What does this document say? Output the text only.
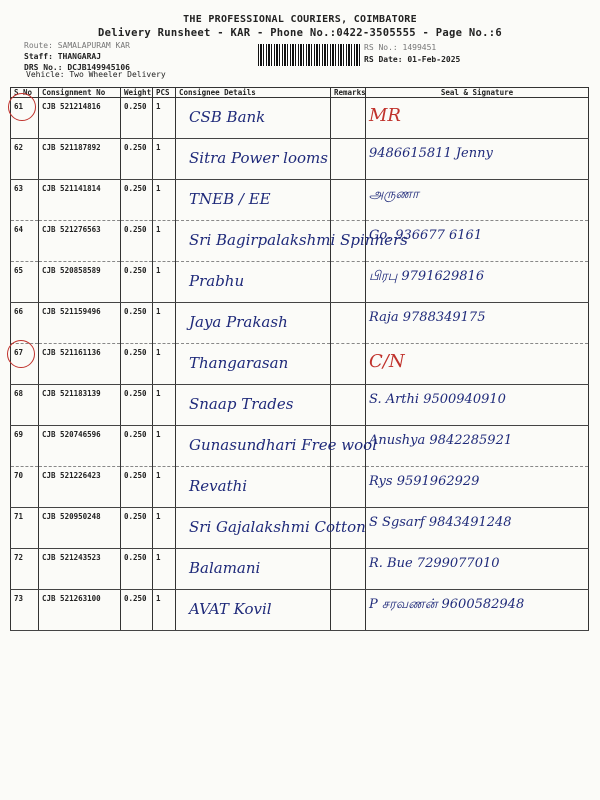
THE PROFESSIONAL COURIERS, COIMBATORE
Delivery Runsheet - KAR - Phone No.:0422-3505555 - Page No.:6
Route: SAMALAPURAM KAR
Staff: THANGARAJ
DRS No.: DCJB149945106
RS No.: 1499451
RS Date: 01-Feb-2025
Vehicle: Two Wheeler Delivery
S No	Consignment No	Weight	PCS	Consignee Details	Remarks	Seal & Signature
61	CJB 521214816	0.250	1	CSB Bank		MR

62	CJB 521187892	0.250	1	Sitra Power looms		9486615811 Jenny

63	CJB 521141814	0.250	1	TNEB / EE		அருணா

64	CJB 521276563	0.250	1	Sri Bagirpalakshmi Spinners		Go. 936677 6161

65	CJB 520858589	0.250	1	Prabhu		பிரபு 9791629816

66	CJB 521159496	0.250	1	Jaya Prakash		Raja 9788349175

67	CJB 521161136	0.250	1	Thangarasan		C/N

68	CJB 521183139	0.250	1	Snaap Trades		S. Arthi 9500940910

69	CJB 520746596	0.250	1	Gunasundhari Free wool		Anushya 9842285921

70	CJB 521226423	0.250	1	Revathi		Rys 9591962929

71	CJB 520950248	0.250	1	Sri Gajalakshmi Cotton		S Sgsarf 9843491248

72	CJB 521243523	0.250	1	Balamani		R. Bue 7299077010

73	CJB 521263100	0.250	1	AVAT Kovil		P சரவணன் 9600582948
